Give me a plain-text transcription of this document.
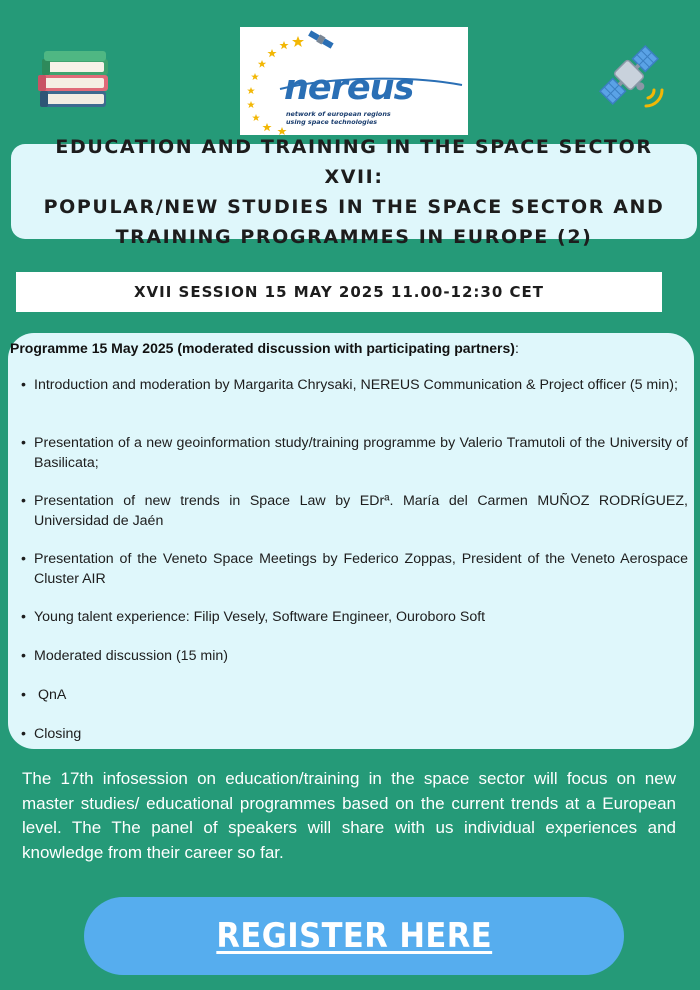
nereus
network of european regions
using space technologies
EDUCATION AND TRAINING IN THE SPACE SECTOR XVII:
POPULAR/NEW STUDIES IN THE SPACE SECTOR AND
TRAINING PROGRAMMES IN EUROPE (2)
XVII SESSION 15 MAY 2025 11.00-12:30 CET
Programme 15 May 2025 (moderated discussion with participating partners):
• Introduction and moderation by Margarita Chrysaki, NEREUS Communication & Project officer (5 min);
• Presentation of a new geoinformation study/training programme by Valerio Tramutoli of the University of Basilicata;
• Presentation of new trends in Space Law by EDrª. María del Carmen MUÑOZ RODRÍGUEZ, Universidad de Jaén
• Presentation of the Veneto Space Meetings by Federico Zoppas, President of the Veneto Aerospace Cluster AIR
• Young talent experience: Filip Vesely, Software Engineer, Ouroboro Soft
• Moderated discussion (15 min)
•  QnA
• Closing
The 17th infosession on education/training in the space sector will focus on new master studies/ educational programmes based on the current trends at a European level. The The panel of speakers will share with us individual experiences and knowledge from their career so far.
REGISTER HERE
